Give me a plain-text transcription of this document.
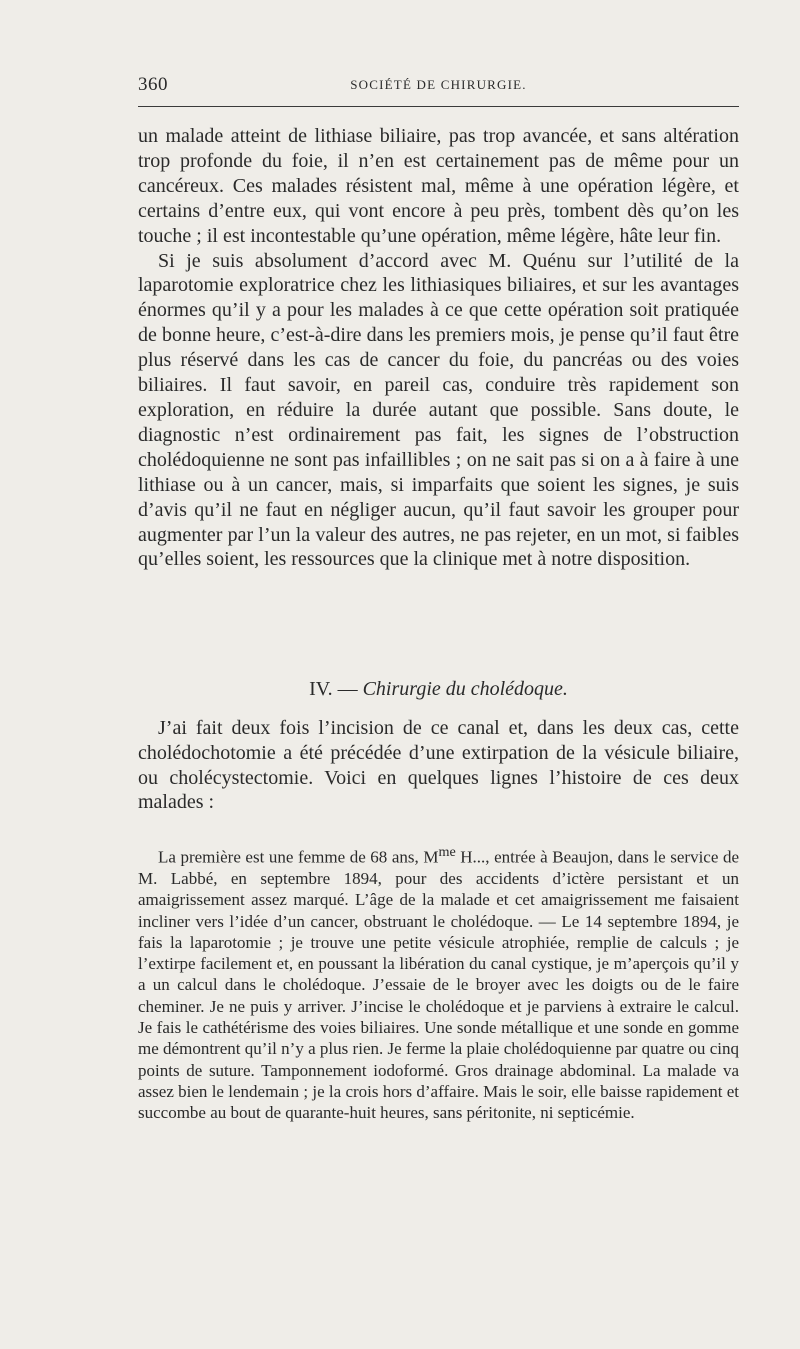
360	SOCIÉTÉ DE CHIRURGIE.

un malade atteint de lithiase biliaire, pas trop avancée, et sans altération trop profonde du foie, il n’en est certainement pas de même pour un cancéreux. Ces malades résistent mal, même à une opération légère, et certains d’entre eux, qui vont encore à peu près, tombent dès qu’on les touche ; il est incontestable qu’une opération, même légère, hâte leur fin.

Si je suis absolument d’accord avec M. Quénu sur l’utilité de la laparotomie exploratrice chez les lithiasiques biliaires, et sur les avantages énormes qu’il y a pour les malades à ce que cette opération soit pratiquée de bonne heure, c’est-à-dire dans les premiers mois, je pense qu’il faut être plus réservé dans les cas de cancer du foie, du pancréas ou des voies biliaires. Il faut savoir, en pareil cas, conduire très rapidement son exploration, en réduire la durée autant que possible. Sans doute, le diagnostic n’est ordinairement pas fait, les signes de l’obstruction cholédoquienne ne sont pas infaillibles ; on ne sait pas si on a à faire à une lithiase ou à un cancer, mais, si imparfaits que soient les signes, je suis d’avis qu’il ne faut en négliger aucun, qu’il faut savoir les grouper pour augmenter par l’un la valeur des autres, ne pas rejeter, en un mot, si faibles qu’elles soient, les ressources que la clinique met à notre disposition.

IV. — Chirurgie du cholédoque.

J’ai fait deux fois l’incision de ce canal et, dans les deux cas, cette cholédochotomie a été précédée d’une extirpation de la vésicule biliaire, ou cholécystectomie. Voici en quelques lignes l’histoire de ces deux malades :

La première est une femme de 68 ans, $M^{me}$ H..., entrée à Beaujon, dans le service de M. Labbé, en septembre 1894, pour des accidents d’ictère persistant et un amaigrissement assez marqué. L’âge de la malade et cet amaigrissement me faisaient incliner vers l’idée d’un cancer, obstruant le cholédoque. — Le 14 septembre 1894, je fais la laparotomie ; je trouve une petite vésicule atrophiée, remplie de calculs ; je l’extirpe facilement et, en poussant la libération du canal cystique, je m’aperçois qu’il y a un calcul dans le cholédoque. J’essaie de le broyer avec les doigts ou de le faire cheminer. Je ne puis y arriver. J’incise le cholédoque et je parviens à extraire le calcul. Je fais le cathétérisme des voies biliaires. Une sonde métallique et une sonde en gomme me démontrent qu’il n’y a plus rien. Je ferme la plaie cholédoquienne par quatre ou cinq points de suture. Tamponnement iodoformé. Gros drainage abdominal. La malade va assez bien le lendemain ; je la crois hors d’affaire. Mais le soir, elle baisse rapidement et succombe au bout de quarante-huit heures, sans péritonite, ni septicémie.
